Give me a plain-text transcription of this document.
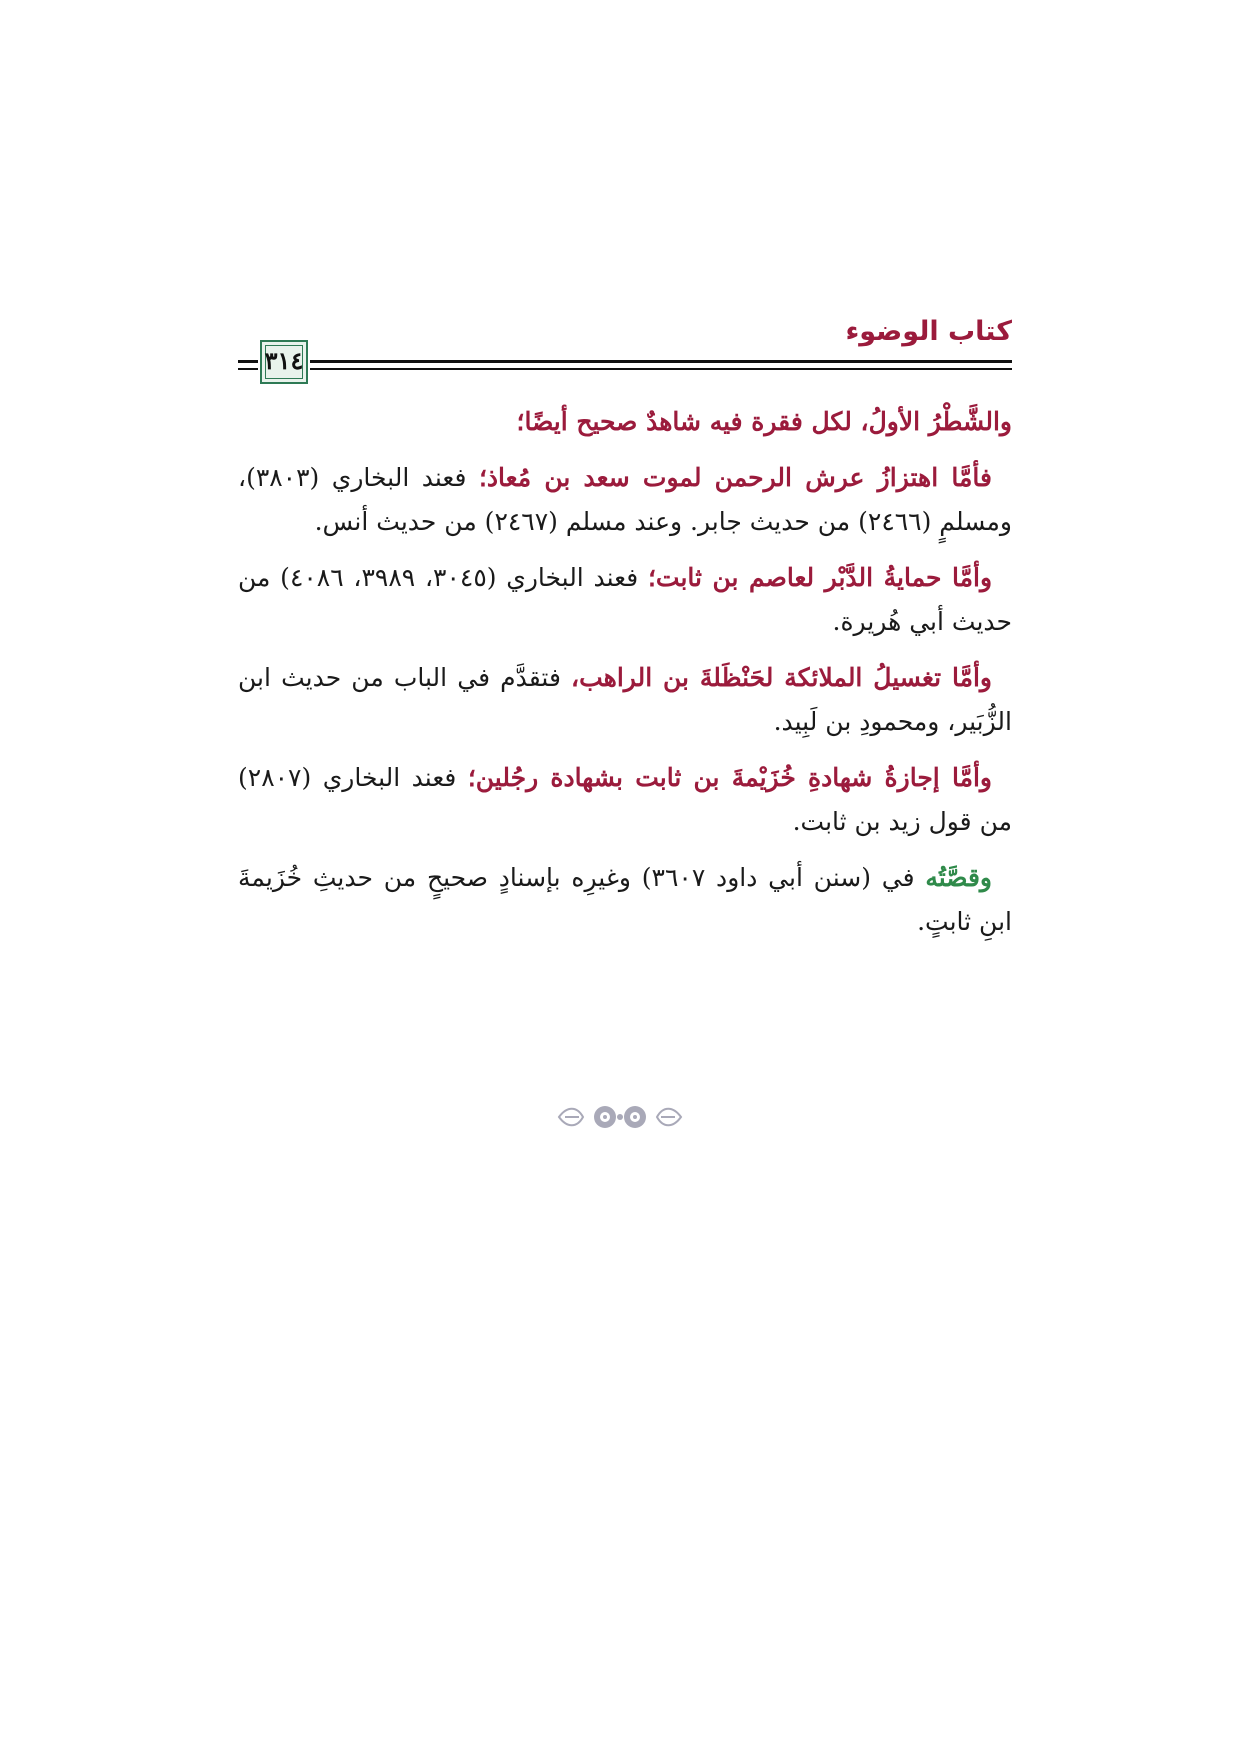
٣١٤
كتاب الوضوء

والشَّطْرُ الأولُ، لكل فقرة فيه شاهدٌ صحيح أيضًا؛

فأمَّا اهتزازُ عرش الرحمن لموت سعد بن مُعاذ؛ فعند البخاري (٣٨٠٣)، ومسلمٍ (٢٤٦٦) من حديث جابر. وعند مسلم (٢٤٦٧) من حديث أنس.

وأمَّا حمايةُ الدَّبْر لعاصم بن ثابت؛ فعند البخاري (٣٠٤٥، ٣٩٨٩، ٤٠٨٦) من حديث أبي هُريرة.

وأمَّا تغسيلُ الملائكة لحَنْظَلةَ بن الراهب، فتقدَّم في الباب من حديث ابن الزُّبَير، ومحمودِ بن لَبِيد.

وأمَّا إجازةُ شهادةِ خُزَيْمةَ بن ثابت بشهادة رجُلين؛ فعند البخاري (٢٨٠٧) من قول زيد بن ثابت.

وقصَّتُه في (سنن أبي داود ٣٦٠٧) وغيرِه بإسنادٍ صحيحٍ من حديثِ خُزَيمةَ ابنِ ثابتٍ.
